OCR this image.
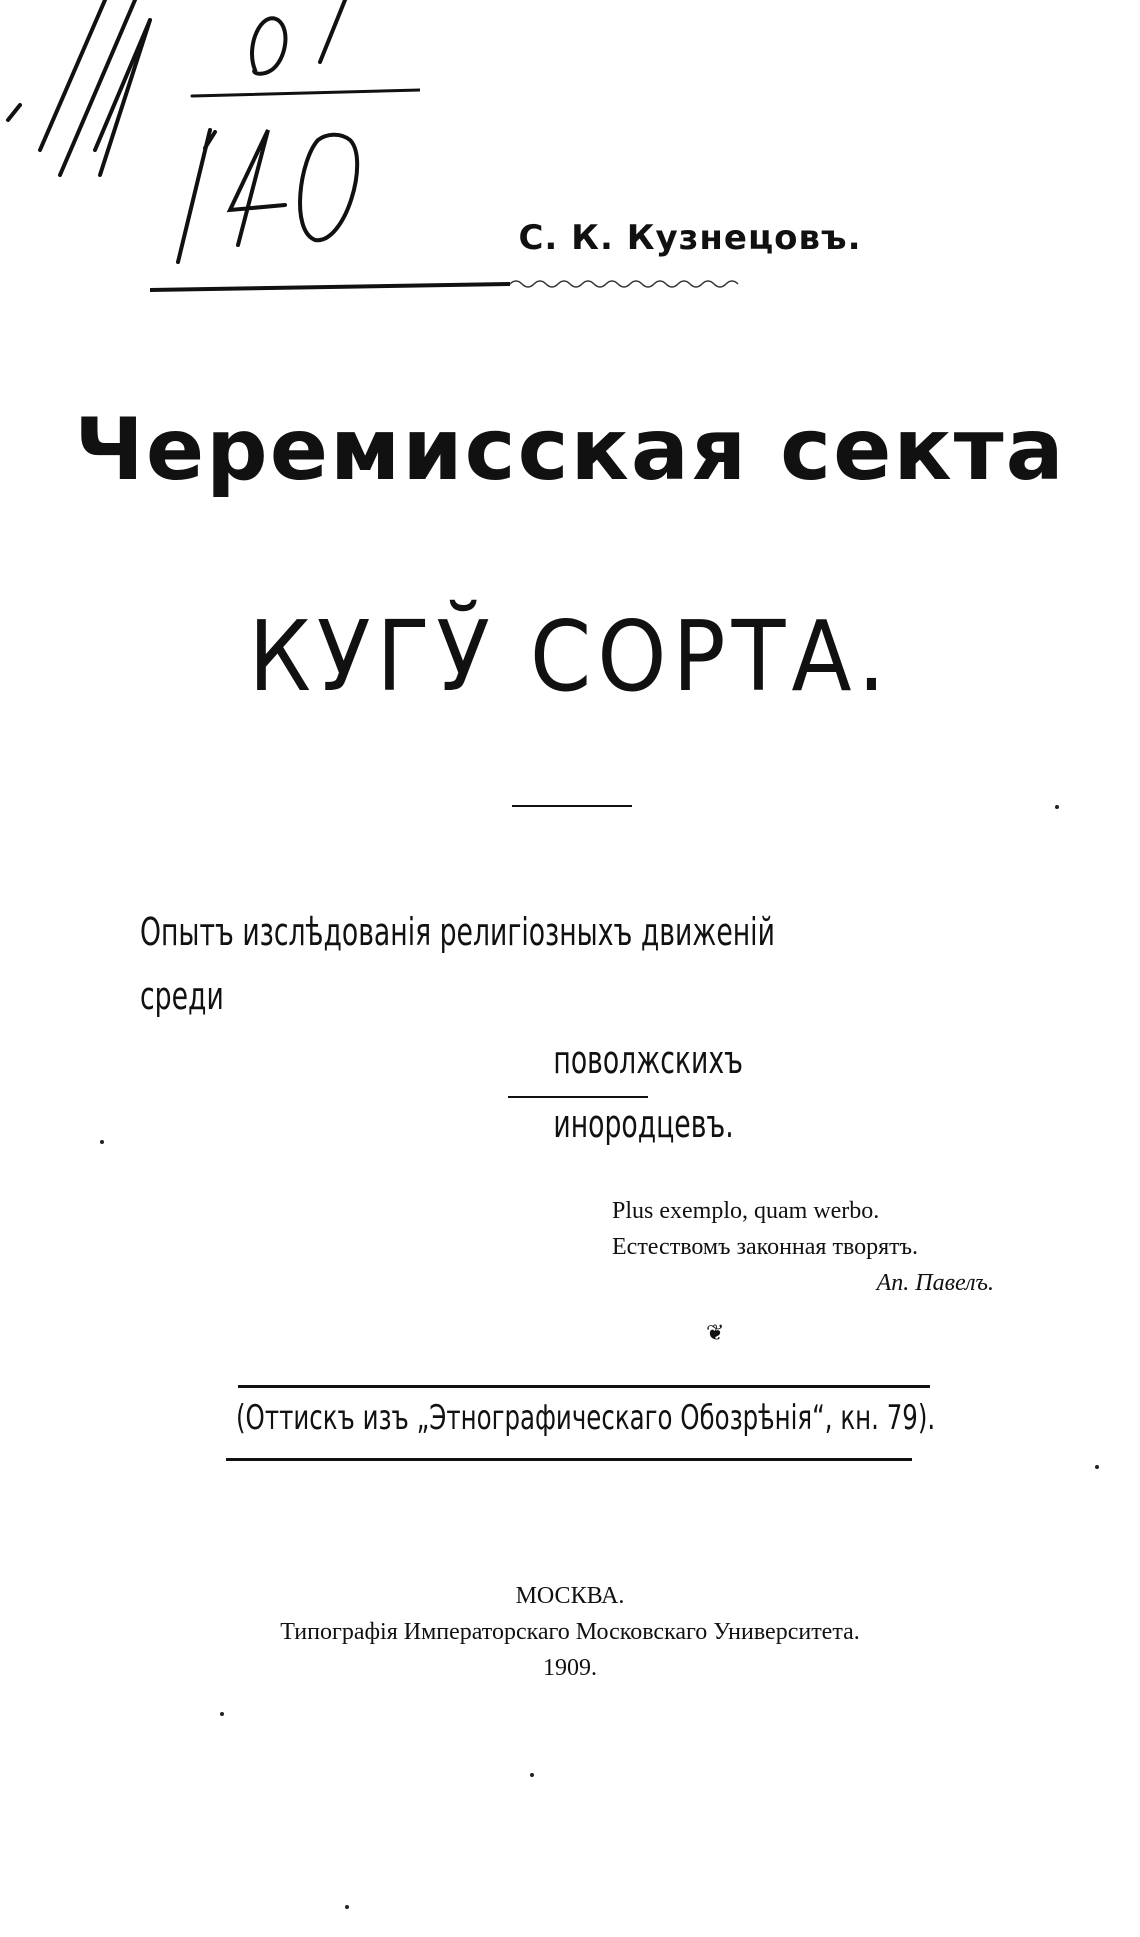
С. К. Кузнецовъ.
Черемисская секта
КУГЎ СОРТА.
Опытъ изслѣдованія религіозныхъ движеній среди
поволжскихъ инородцевъ.
Plus exemplo, quam werbo.
Естествомъ законная творятъ.
Ап. Павелъ.
❦
(Оттискъ изъ „Этнографическаго Обозрѣнія“, кн. 79).
МОСКВА.
Типографія Императорскаго Московскаго Университета.
1909.
